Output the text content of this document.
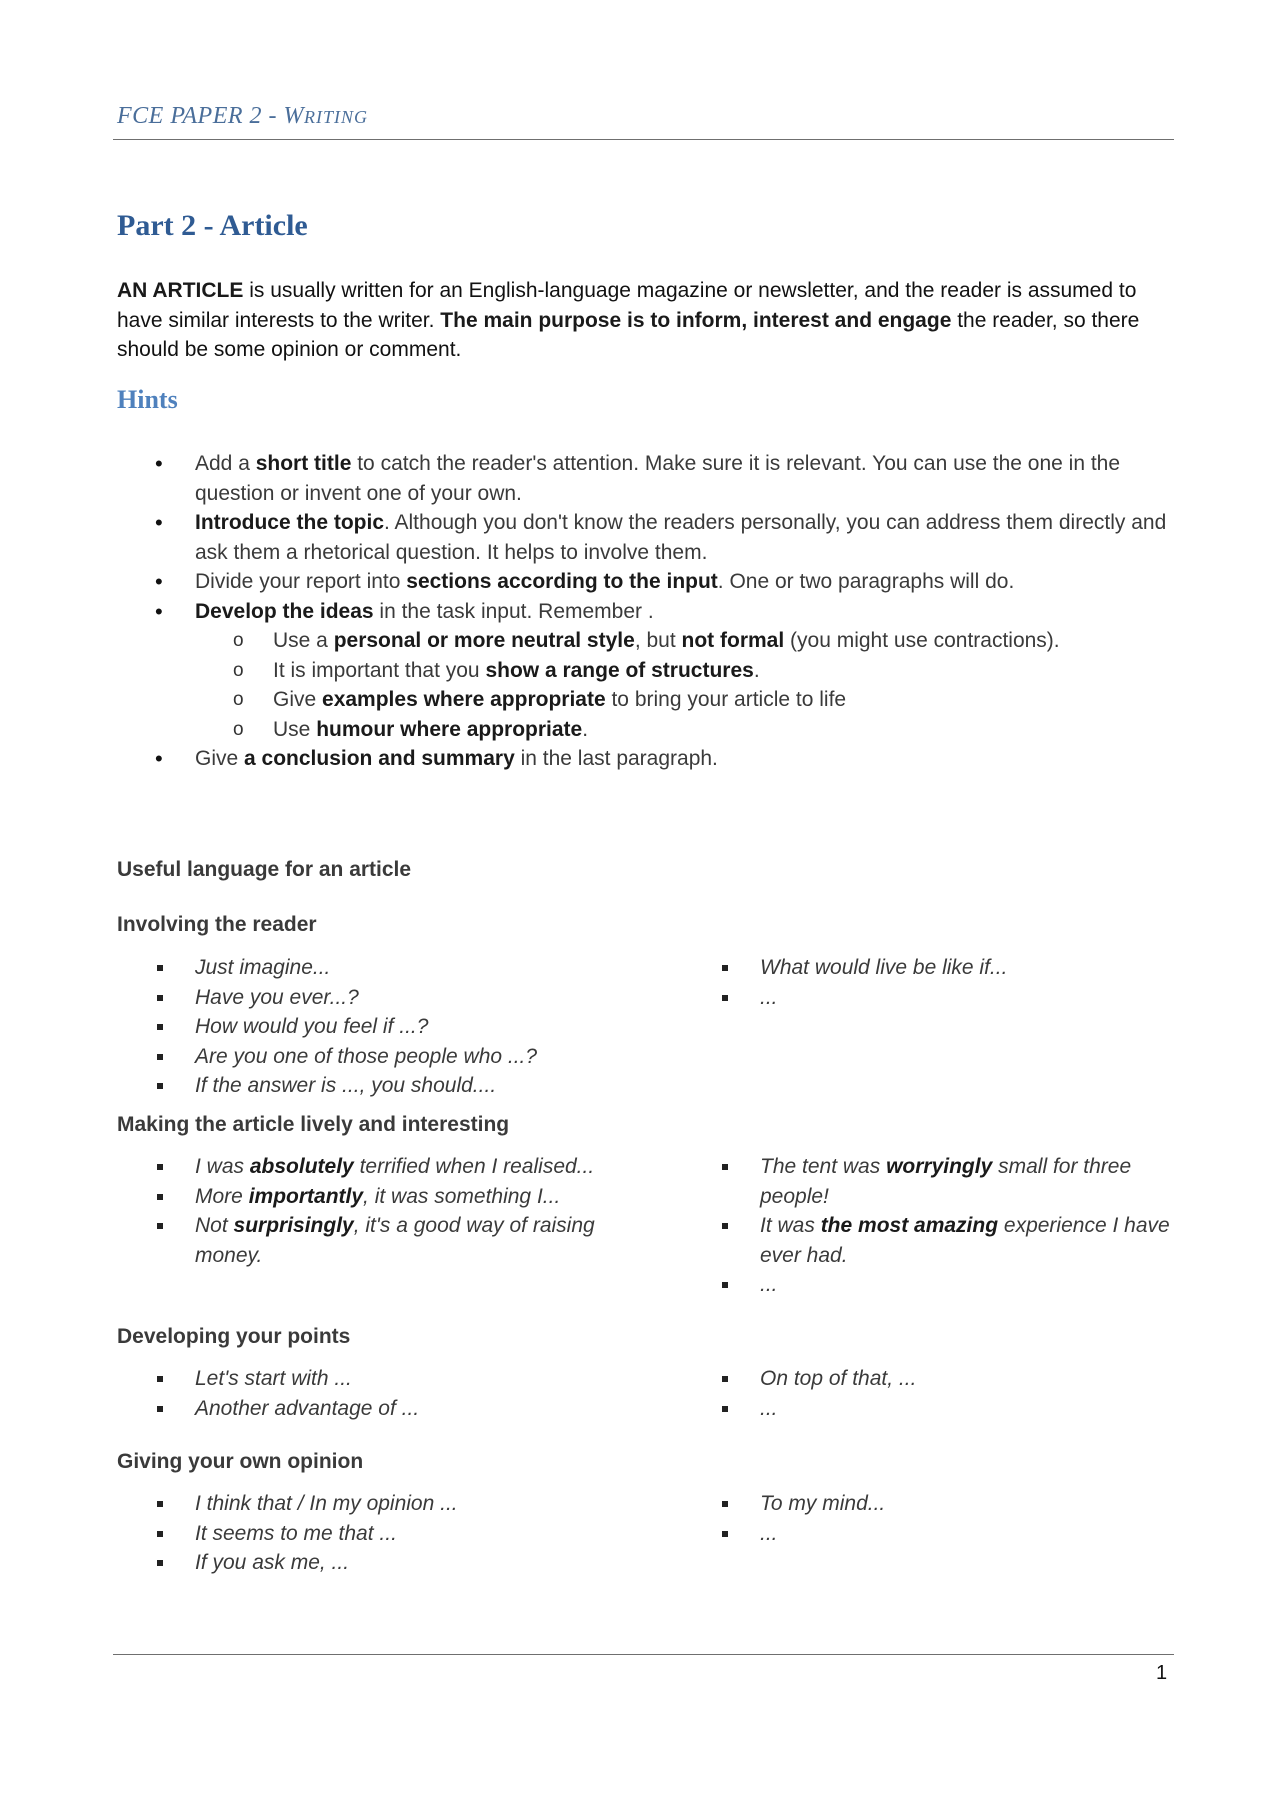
FCE PAPER 2 - WRITING
Part 2 - Article
AN ARTICLE is usually written for an English-language magazine or newsletter, and the reader is assumed to have similar interests to the writer. The main purpose is to inform, interest and engage the reader, so there should be some opinion or comment.
Hints
• Add a short title to catch the reader's attention. Make sure it is relevant. You can use the one in the question or invent one of your own.
• Introduce the topic. Although you don't know the readers personally, you can address them directly and ask them a rhetorical question. It helps to involve them.
• Divide your report into sections according to the input. One or two paragraphs will do.
• Develop the ideas in the task input. Remember .
o Use a personal or more neutral style, but not formal (you might use contractions).
o It is important that you show a range of structures.
o Give examples where appropriate to bring your article to life
o Use humour where appropriate.
• Give a conclusion and summary in the last paragraph.
Useful language for an article
Involving the reader
Just imagine...
Have you ever...?
How would you feel if ...?
Are you one of those people who ...?
If the answer is ..., you should....
What would live be like if...
...
Making the article lively and interesting
I was absolutely terrified when I realised...
More importantly, it was something I...
Not surprisingly, it's a good way of raising money.
The tent was worryingly small for three people!
It was the most amazing experience I have ever had.
...
Developing your points
Let's start with ...
Another advantage of ...
On top of that, ...
...
Giving your own opinion
I think that / In my opinion ...
It seems to me that ...
If you ask me, ...
To my mind...
...
1
